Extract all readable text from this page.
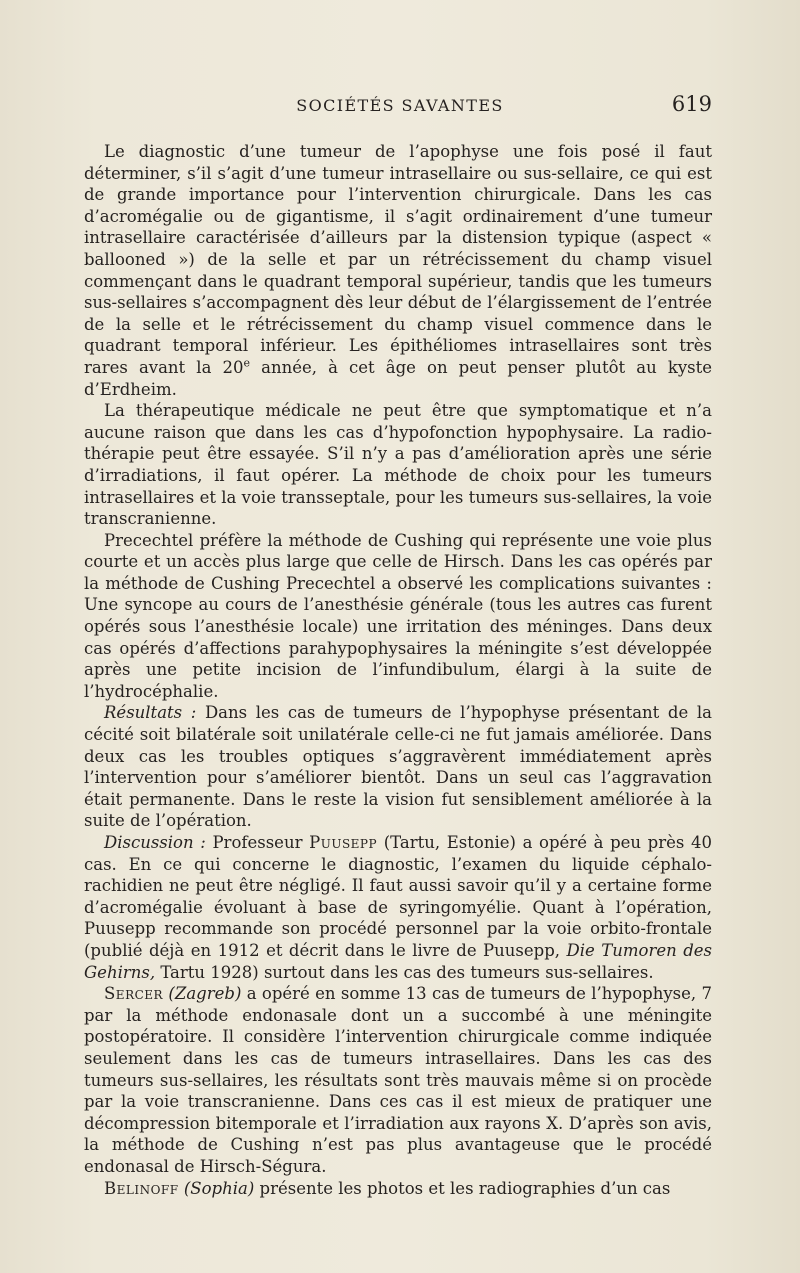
SOCIÉTÉS SAVANTES	619

Le diagnostic d’une tumeur de l’apophyse une fois posé il faut déterminer, s’il s’agit d’une tumeur intrasellaire ou sus-sellaire, ce qui est de grande importance pour l’intervention chirurgicale. Dans les cas d’acromégalie ou de gigantisme, il s’agit ordinairement d’une tumeur intrasellaire caractérisée d’ailleurs par la distension typique (aspect « ballooned ») de la selle et par un rétrécissement du champ visuel commençant dans le quadrant temporal supérieur, tandis que les tumeurs sus-sellaires s’accompagnent dès leur début de l’élargissement de l’entrée de la selle et le rétrécissement du champ visuel commence dans le quadrant temporal inférieur. Les épithéliomes intrasellaires sont très rares avant la 20e année, à cet âge on peut penser plutôt au kyste d’Erdheim.

La thérapeutique médicale ne peut être que symptomatique et n’a aucune raison que dans les cas d’hypofonction hypophysaire. La radio-thérapie peut être essayée. S’il n’y a pas d’amélioration après une série d’irradiations, il faut opérer. La méthode de choix pour les tumeurs intrasellaires et la voie transseptale, pour les tumeurs sus-sellaires, la voie transcranienne.

Precechtel préfère la méthode de Cushing qui représente une voie plus courte et un accès plus large que celle de Hirsch. Dans les cas opérés par la méthode de Cushing Precechtel a observé les complications suivantes : Une syncope au cours de l’anesthésie générale (tous les autres cas furent opérés sous l’anesthésie locale) une irritation des méninges. Dans deux cas opérés d’affections parahypophysaires la méningite s’est développée après une petite incision de l’infundibulum, élargi à la suite de l’hydrocéphalie.

Résultats : Dans les cas de tumeurs de l’hypophyse présentant de la cécité soit bilatérale soit unilatérale celle-ci ne fut jamais améliorée. Dans deux cas les troubles optiques s’aggravèrent immédiatement après l’intervention pour s’améliorer bientôt. Dans un seul cas l’aggravation était permanente. Dans le reste la vision fut sensiblement améliorée à la suite de l’opération.

Discussion : Professeur Puusepp (Tartu, Estonie) a opéré à peu près 40 cas. En ce qui concerne le diagnostic, l’examen du liquide céphalo-rachidien ne peut être négligé. Il faut aussi savoir qu’il y a certaine forme d’acromégalie évoluant à base de syringomyélie. Quant à l’opération, Puusepp recommande son procédé personnel par la voie orbito-frontale (publié déjà en 1912 et décrit dans le livre de Puusepp, Die Tumoren des Gehirns, Tartu 1928) surtout dans les cas des tumeurs sus-sellaires.

Sercer (Zagreb) a opéré en somme 13 cas de tumeurs de l’hypophyse, 7 par la méthode endonasale dont un a succombé à une méningite postopératoire. Il considère l’intervention chirurgicale comme indiquée seulement dans les cas de tumeurs intrasellaires. Dans les cas des tumeurs sus-sellaires, les résultats sont très mauvais même si on procède par la voie transcranienne. Dans ces cas il est mieux de pratiquer une décompression bitemporale et l’irradiation aux rayons X. D’après son avis, la méthode de Cushing n’est pas plus avantageuse que le procédé endonasal de Hirsch-Ségura.

Belinoff (Sophia) présente les photos et les radiographies d’un cas
